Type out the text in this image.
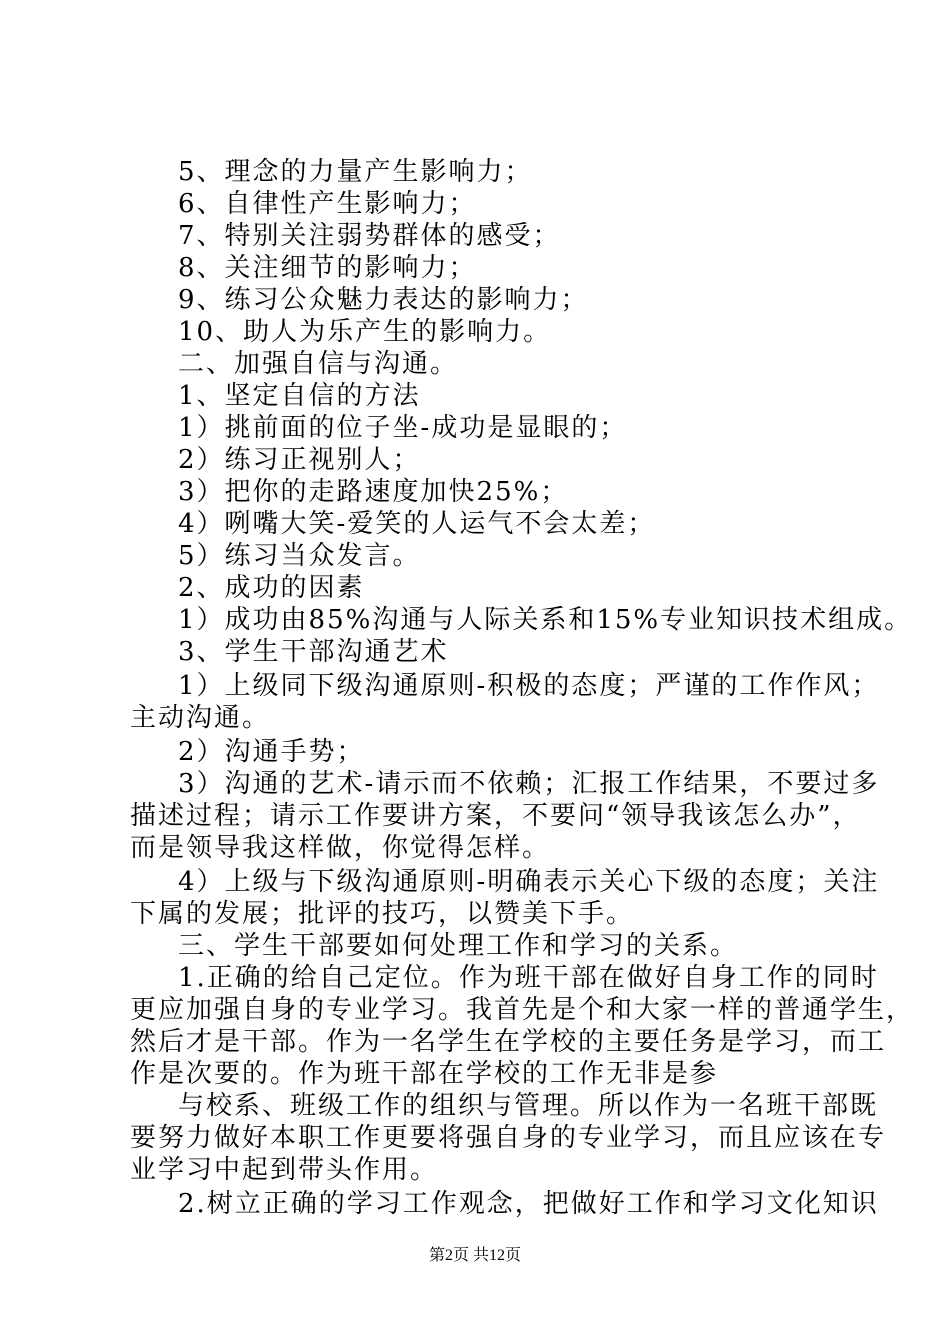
5、理念的力量产生影响力；
6、自律性产生影响力；
7、特别关注弱势群体的感受；
8、关注细节的影响力；
9、练习公众魅力表达的影响力；
10、助人为乐产生的影响力。
二、加强自信与沟通。
1、坚定自信的方法
1）挑前面的位子坐-成功是显眼的；
2）练习正视别人；
3）把你的走路速度加快25%；
4）咧嘴大笑-爱笑的人运气不会太差；
5）练习当众发言。
2、成功的因素
1）成功由85%沟通与人际关系和15%专业知识技术组成。
3、学生干部沟通艺术
1）上级同下级沟通原则-积极的态度；严谨的工作作风；
主动沟通。
2）沟通手势；
3）沟通的艺术-请示而不依赖；汇报工作结果，不要过多
描述过程；请示工作要讲方案，不要问“领导我该怎么办”，
而是领导我这样做，你觉得怎样。
4）上级与下级沟通原则-明确表示关心下级的态度；关注
下属的发展；批评的技巧，以赞美下手。
三、学生干部要如何处理工作和学习的关系。
1.正确的给自己定位。作为班干部在做好自身工作的同时
更应加强自身的专业学习。我首先是个和大家一样的普通学生，
然后才是干部。作为一名学生在学校的主要任务是学习，而工
作是次要的。作为班干部在学校的工作无非是参
与校系、班级工作的组织与管理。所以作为一名班干部既
要努力做好本职工作更要将强自身的专业学习，而且应该在专
业学习中起到带头作用。
2.树立正确的学习工作观念，把做好工作和学习文化知识
第2页 共12页
